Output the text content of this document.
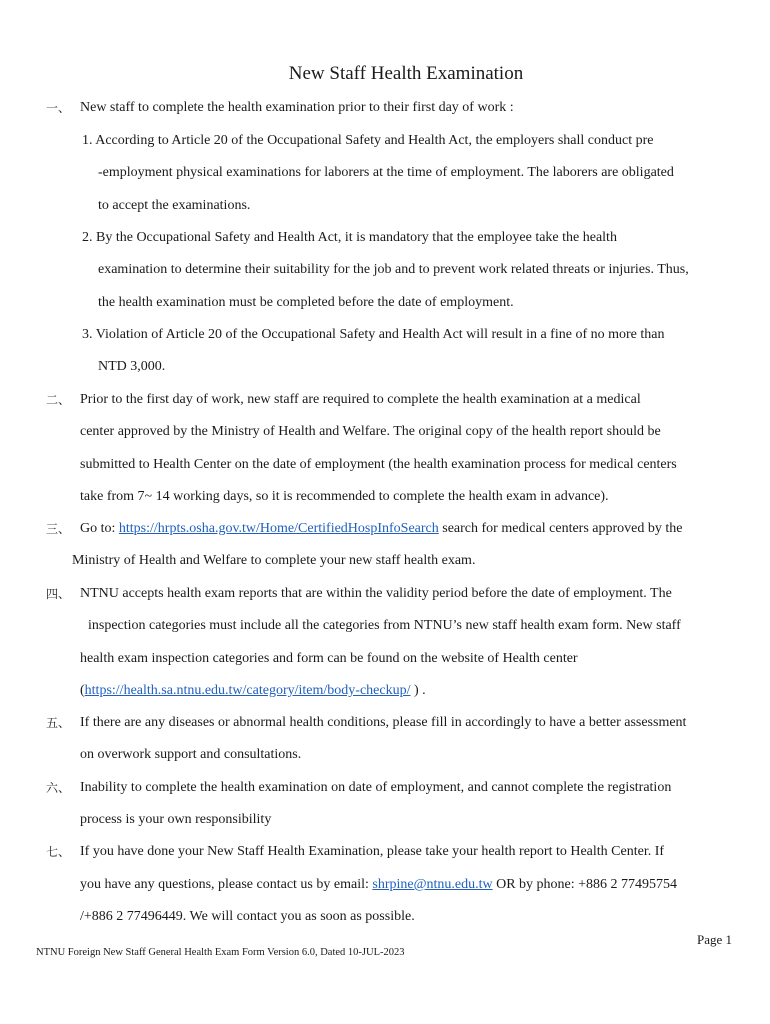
New Staff Health Examination
一、 New staff to complete the health examination prior to their first day of work :
1. According to Article 20 of the Occupational Safety and Health Act, the employers shall conduct pre
-employment physical examinations for laborers at the time of employment. The laborers are obligated
to accept the examinations.
2. By the Occupational Safety and Health Act, it is mandatory that the employee take the health
examination to determine their suitability for the job and to prevent work related threats or injuries. Thus,
the health examination must be completed before the date of employment.
3. Violation of Article 20 of the Occupational Safety and Health Act will result in a fine of no more than
NTD 3,000.
二、 Prior to the first day of work, new staff are required to complete the health examination at a medical
center approved by the Ministry of Health and Welfare. The original copy of the health report should be
submitted to Health Center on the date of employment (the health examination process for medical centers
take from 7~ 14 working days, so it is recommended to complete the health exam in advance).
三、 Go to: https://hrpts.osha.gov.tw/Home/CertifiedHospInfoSearch search for medical centers approved by the
Ministry of Health and Welfare to complete your new staff health exam.
四、 NTNU accepts health exam reports that are within the validity period before the date of employment. The
inspection categories must include all the categories from NTNU’s new staff health exam form. New staff
health exam inspection categories and form can be found on the website of Health center
(https://health.sa.ntnu.edu.tw/category/item/body-checkup/ ) .
五、 If there are any diseases or abnormal health conditions, please fill in accordingly to have a better assessment
on overwork support and consultations.
六、 Inability to complete the health examination on date of employment, and cannot complete the registration
process is your own responsibility
七、 If you have done your New Staff Health Examination, please take your health report to Health Center. If
you have any questions, please contact us by email: shrpine@ntnu.edu.tw OR by phone: +886 2 77495754
/+886 2 77496449. We will contact you as soon as possible.
Page 1
NTNU Foreign New Staff General Health Exam Form Version 6.0, Dated 10-JUL-2023
